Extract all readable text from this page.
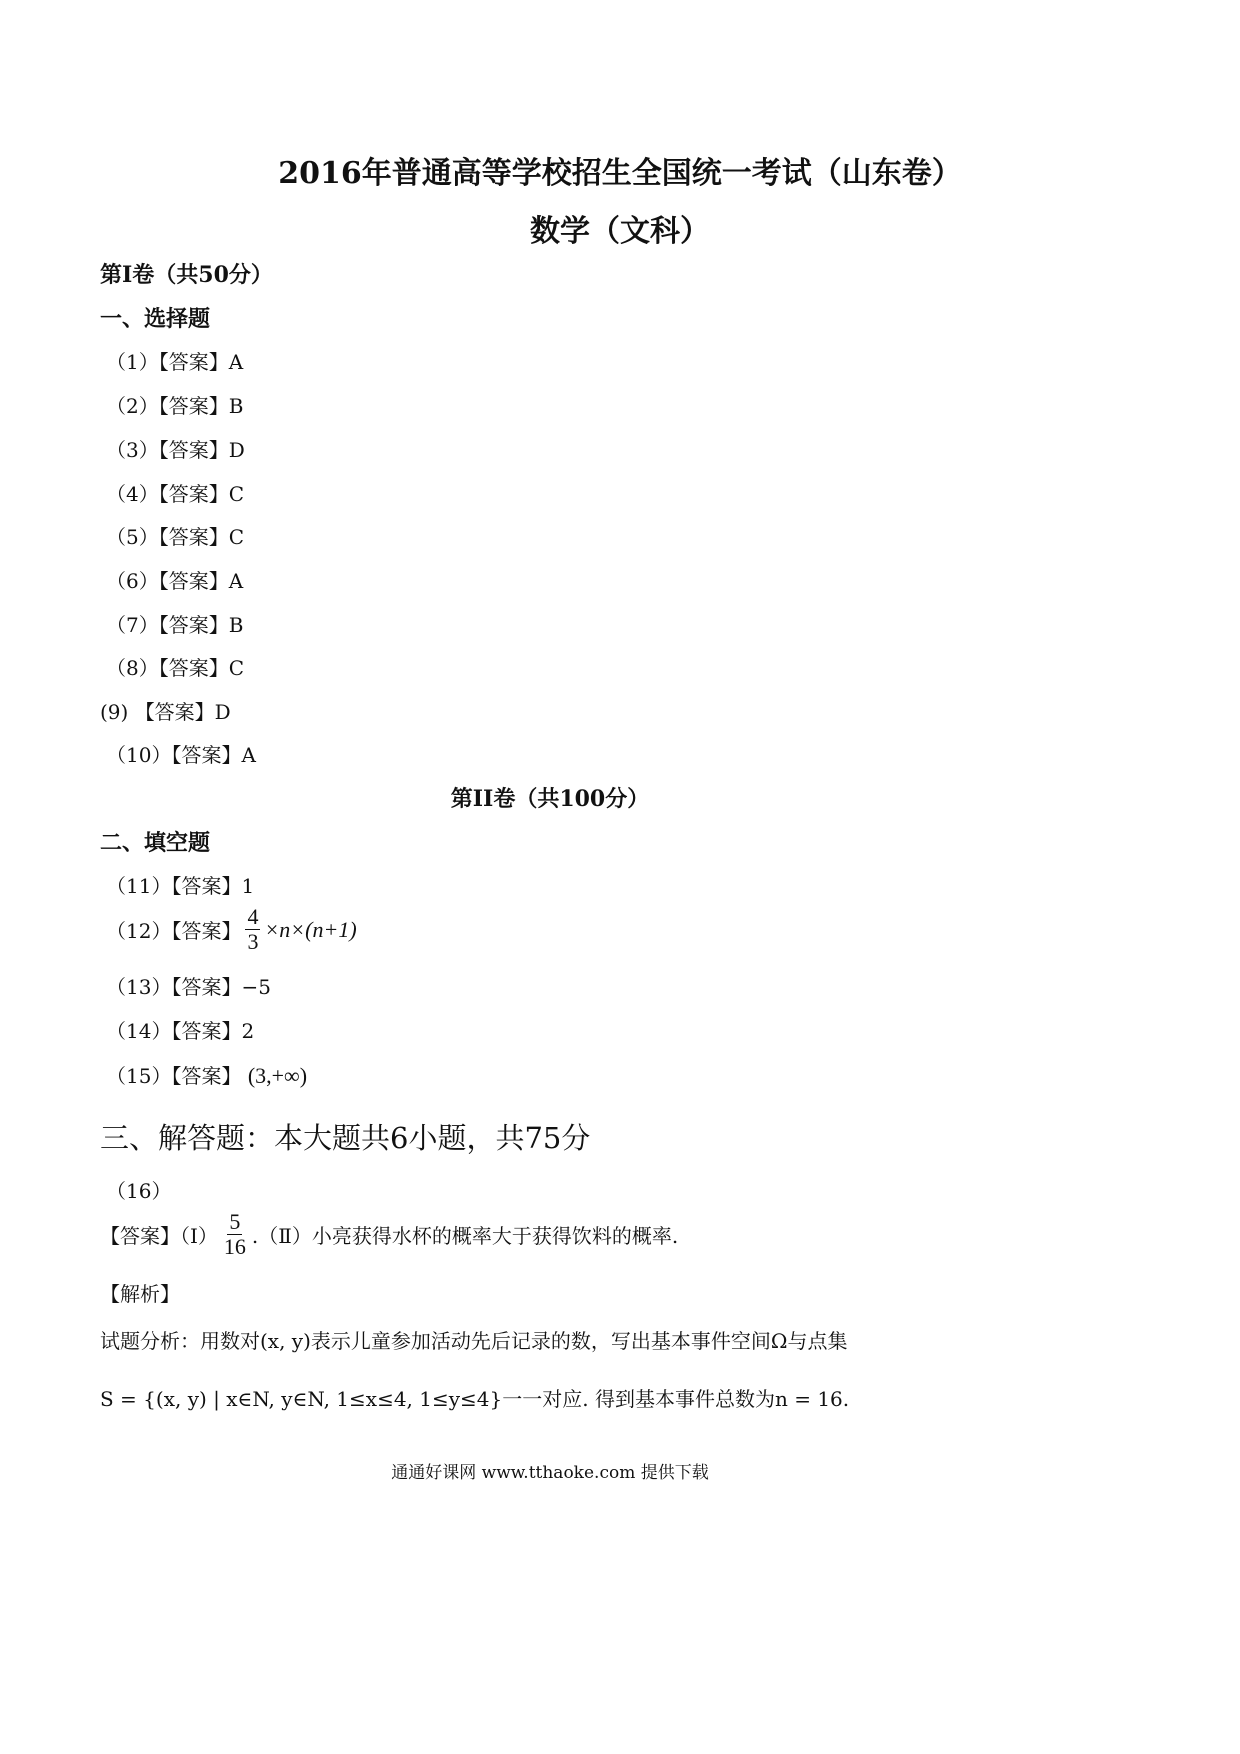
2016年普通高等学校招生全国统一考试（山东卷）
数学（文科）
第Ⅰ卷（共50分）
一、选择题
（1）【答案】A
（2）【答案】B
（3）【答案】D
（4）【答案】C
（5）【答案】C
（6）【答案】A
（7）【答案】B
（8）【答案】C
(9) 【答案】D
（10）【答案】A
第II卷（共100分）
二、填空题
（11）【答案】1
（12）【答案】 $\frac{4}{3} \times n\times(n+1)$
（13）【答案】−5
（14）【答案】2
（15）【答案】 (3,+∞)
三、解答题：本大题共6小题，共75分
（16）
【答案】（Ⅰ） $\frac{5}{16}$ .（Ⅱ）小亮获得水杯的概率大于获得饮料的概率.
【解析】
试题分析：用数对(x, y)表示儿童参加活动先后记录的数，写出基本事件空间Ω与点集
S = {(x, y) | x∈N, y∈N, 1≤x≤4, 1≤y≤4}一一对应. 得到基本事件总数为n = 16.
通通好课网 www.tthaoke.com 提供下载
